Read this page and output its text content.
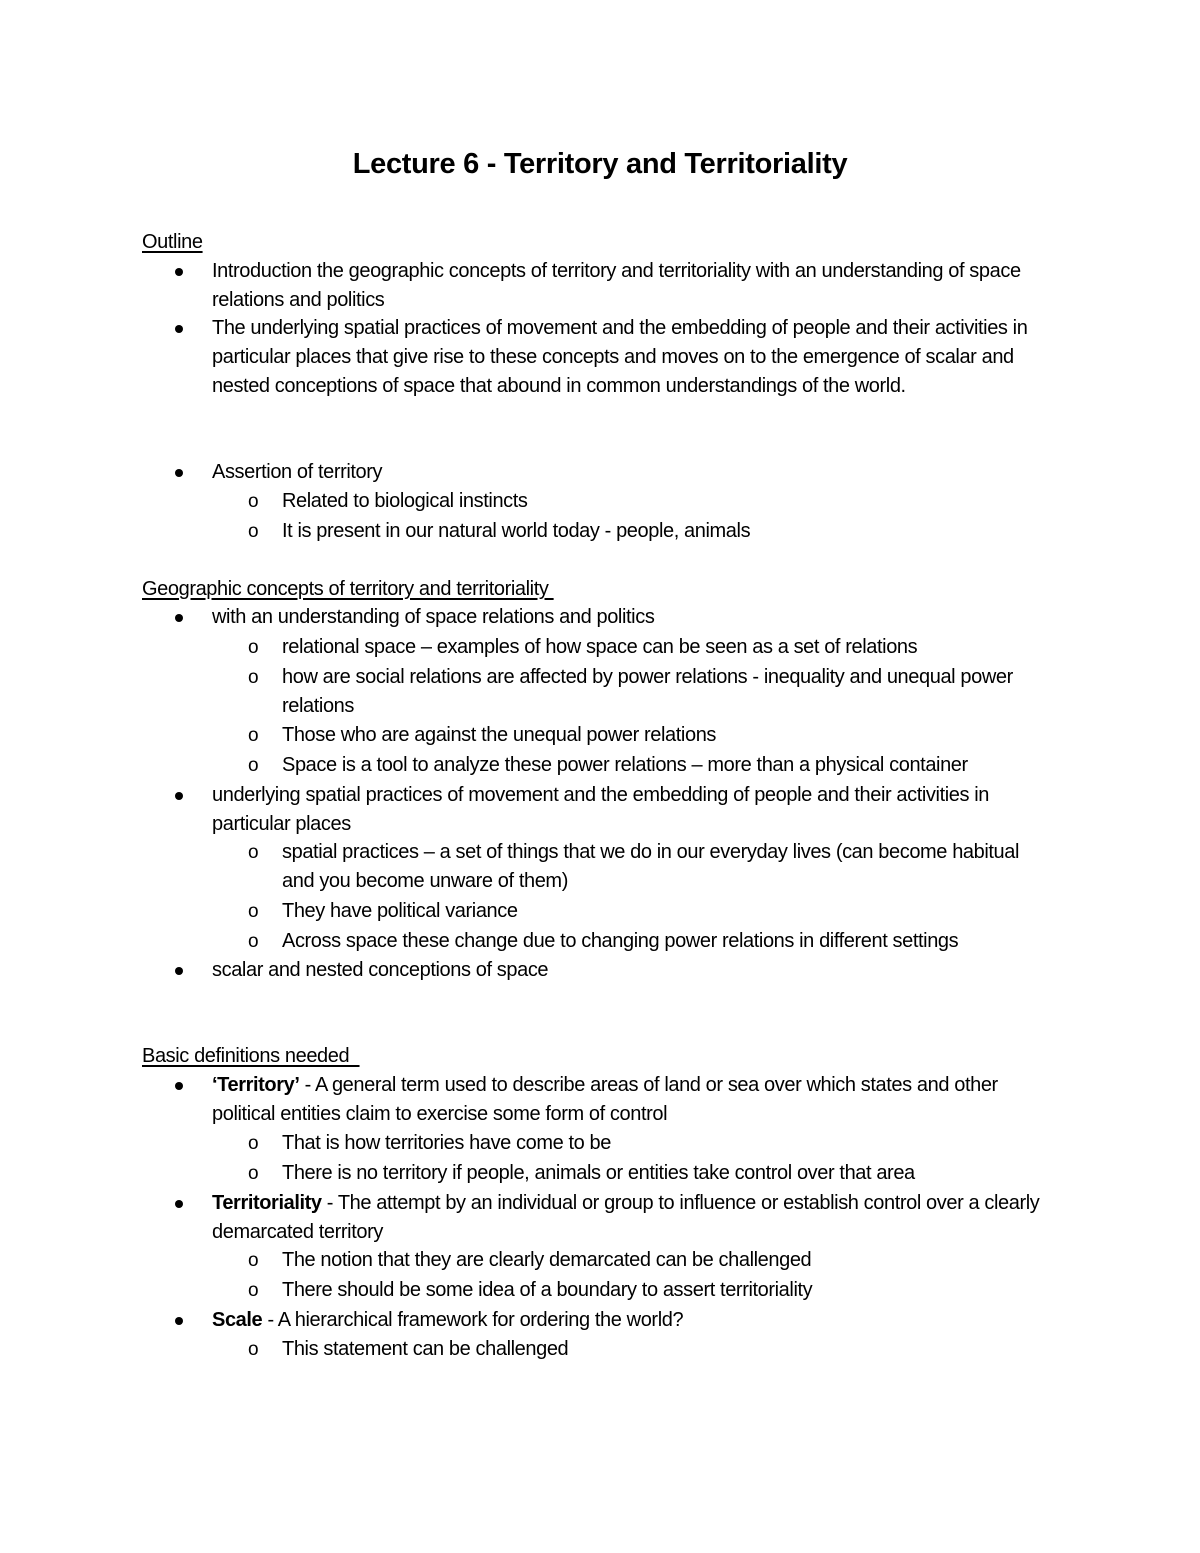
Lecture 6 - Territory and Territoriality
Outline
Introduction the geographic concepts of territory and territoriality with an understanding of space relations and politics
The underlying spatial practices of movement and the embedding of people and their activities in particular places that give rise to these concepts and moves on to the emergence of scalar and nested conceptions of space that abound in common understandings of the world.
Assertion of territory
o Related to biological instincts
o It is present in our natural world today - people, animals
Geographic concepts of territory and territoriality
with an understanding of space relations and politics
o relational space – examples of how space can be seen as a set of relations
o how are social relations are affected by power relations - inequality and unequal power relations
o Those who are against the unequal power relations
o Space is a tool to analyze these power relations – more than a physical container
underlying spatial practices of movement and the embedding of people and their activities in particular places
o spatial practices – a set of things that we do in our everyday lives (can become habitual and you become unware of them)
o They have political variance
o Across space these change due to changing power relations in different settings
scalar and nested conceptions of space
Basic definitions needed
‘Territory’ - A general term used to describe areas of land or sea over which states and other political entities claim to exercise some form of control
o That is how territories have come to be
o There is no territory if people, animals or entities take control over that area
Territoriality - The attempt by an individual or group to influence or establish control over a clearly demarcated territory
o The notion that they are clearly demarcated can be challenged
o There should be some idea of a boundary to assert territoriality
Scale - A hierarchical framework for ordering the world?
o This statement can be challenged
